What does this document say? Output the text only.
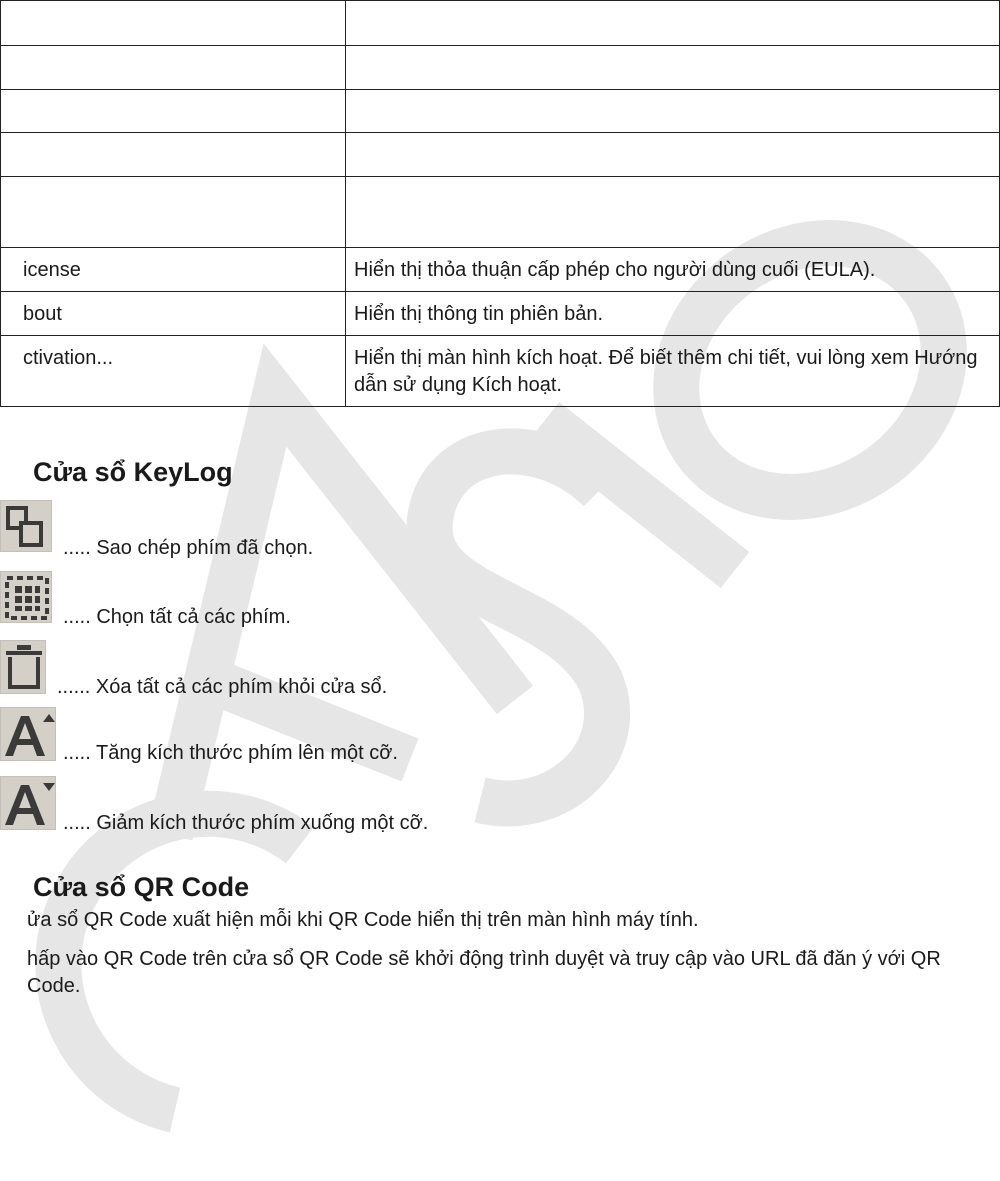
icense	Hiển thị thỏa thuận cấp phép cho người dùng cuối (EULA).
bout	Hiển thị thông tin phiên bản.
ctivation...	Hiển thị màn hình kích hoạt. Để biết thêm chi tiết, vui lòng xem Hướng dẫn sử dụng Kích hoạt.
Cửa sổ KeyLog
..... Sao chép phím đã chọn.
..... Chọn tất cả các phím.
...... Xóa tất cả các phím khỏi cửa sổ.
..... Tăng kích thước phím lên một cỡ.
..... Giảm kích thước phím xuống một cỡ.
Cửa sổ QR Code

ửa sổ QR Code xuất hiện mỗi khi QR Code hiển thị trên màn hình máy tính.

hấp vào QR Code trên cửa sổ QR Code sẽ khởi động trình duyệt và truy cập vào URL đã đăn ý với QR Code.
